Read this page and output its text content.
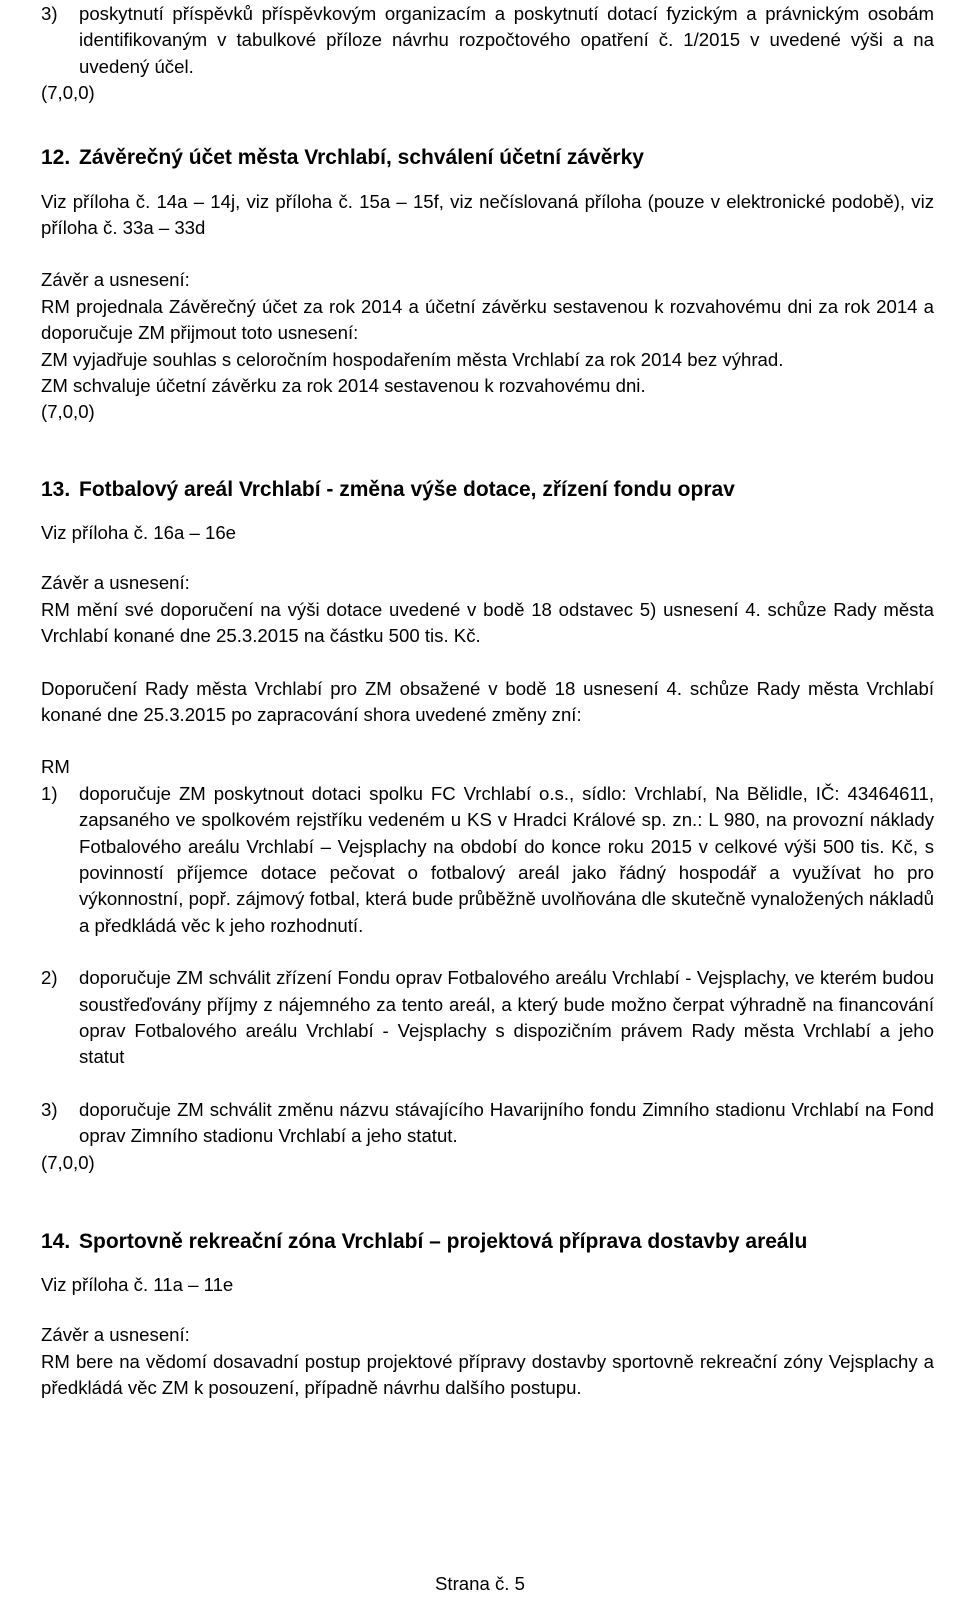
3) poskytnutí příspěvků příspěvkovým organizacím a poskytnutí dotací fyzickým a právnickým osobám identifikovaným v tabulkové příloze návrhu rozpočtového opatření č. 1/2015 v uvedené výši a na uvedený účel.

(7,0,0)

12. Závěrečný účet města Vrchlabí, schválení účetní závěrky

Viz příloha č. 14a – 14j, viz příloha č. 15a – 15f, viz nečíslovaná příloha (pouze v elektronické podobě), viz příloha č. 33a – 33d

Závěr a usnesení:

RM projednala Závěrečný účet za rok 2014 a účetní závěrku sestavenou k rozvahovému dni za rok 2014 a doporučuje ZM přijmout toto usnesení:

ZM vyjadřuje souhlas s celoročním hospodařením města Vrchlabí za rok 2014 bez výhrad.

ZM schvaluje účetní závěrku za rok 2014 sestavenou k rozvahovému dni.

(7,0,0)

13. Fotbalový areál Vrchlabí - změna výše dotace, zřízení fondu oprav

Viz příloha č. 16a – 16e

Závěr a usnesení:

RM mění své doporučení na výši dotace uvedené v bodě 18 odstavec 5) usnesení 4. schůze Rady města Vrchlabí konané dne 25.3.2015 na částku 500 tis. Kč.

Doporučení Rady města Vrchlabí pro ZM obsažené v bodě 18 usnesení 4. schůze Rady města Vrchlabí konané dne 25.3.2015 po zapracování shora uvedené změny zní:

RM

1) doporučuje ZM poskytnout dotaci spolku FC Vrchlabí o.s., sídlo: Vrchlabí, Na Bělidle, IČ: 43464611, zapsaného ve spolkovém rejstříku vedeném u KS v Hradci Králové sp. zn.: L 980, na provozní náklady Fotbalového areálu Vrchlabí – Vejsplachy na období do konce roku 2015 v celkové výši 500 tis. Kč, s povinností příjemce dotace pečovat o fotbalový areál jako řádný hospodář a využívat ho pro výkonnostní, popř. zájmový fotbal, která bude průběžně uvolňována dle skutečně vynaložených nákladů a předkládá věc k jeho rozhodnutí.

2) doporučuje ZM schválit zřízení Fondu oprav Fotbalového areálu Vrchlabí - Vejsplachy, ve kterém budou soustřeďovány příjmy z nájemného za tento areál, a který bude možno čerpat výhradně na financování oprav Fotbalového areálu Vrchlabí - Vejsplachy s dispozičním právem Rady města Vrchlabí a jeho statut

3) doporučuje ZM schválit změnu názvu stávajícího Havarijního fondu Zimního stadionu Vrchlabí na Fond oprav Zimního stadionu Vrchlabí a jeho statut.

(7,0,0)

14. Sportovně rekreační zóna Vrchlabí – projektová příprava dostavby areálu

Viz příloha č. 11a – 11e

Závěr a usnesení:

RM bere na vědomí dosavadní postup projektové přípravy dostavby sportovně rekreační zóny Vejsplachy a předkládá věc ZM k posouzení, případně návrhu dalšího postupu.

Strana č. 5
